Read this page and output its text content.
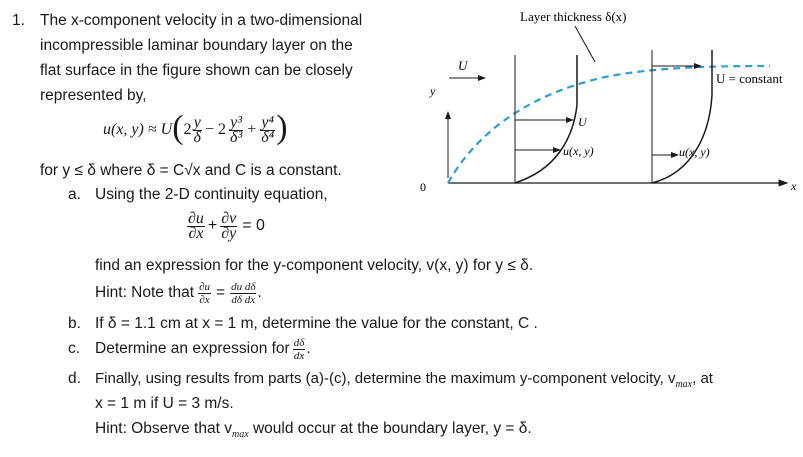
1. The x-component velocity in a two-dimensional
incompressible laminar boundary layer on the
flat surface in the figure shown can be closely
represented by,
u(x, y) ≈ U ( $2 \frac{y}{\delta} - 2 \frac{\text{y³}}{\text{δ³}} + \frac{\text{y⁴}}{\text{δ⁴}}$ )
for y ≤ δ where δ = C√x and C is a constant.
a. Using the 2-D continuity equation,
$\frac{\partial u}{\partial x} + \frac{\partial v}{\partial y} = 0$
find an expression for the y-component velocity, v(x, y) for y ≤ δ.
Hint: Note that $\frac{\partial u}{\partial x} = \frac{\text{du dδ}}{\text{dδ dx}}$ .
b. If δ = 1.1 cm at x = 1 m, determine the value for the constant, C .
c. Determine an expression for $\frac{d\delta}{dx}$ .
d. Finally, using results from parts (a)-(c), determine the maximum y-component velocity, $v_{max}$, at
x = 1 m if U = 3 m/s.
Hint: Observe that $v_{max}$ would occur at the boundary layer, y = δ.
Layer thickness δ(x)
U
y
x
0
U
u(x, y)	u(x, y)
U = constant
